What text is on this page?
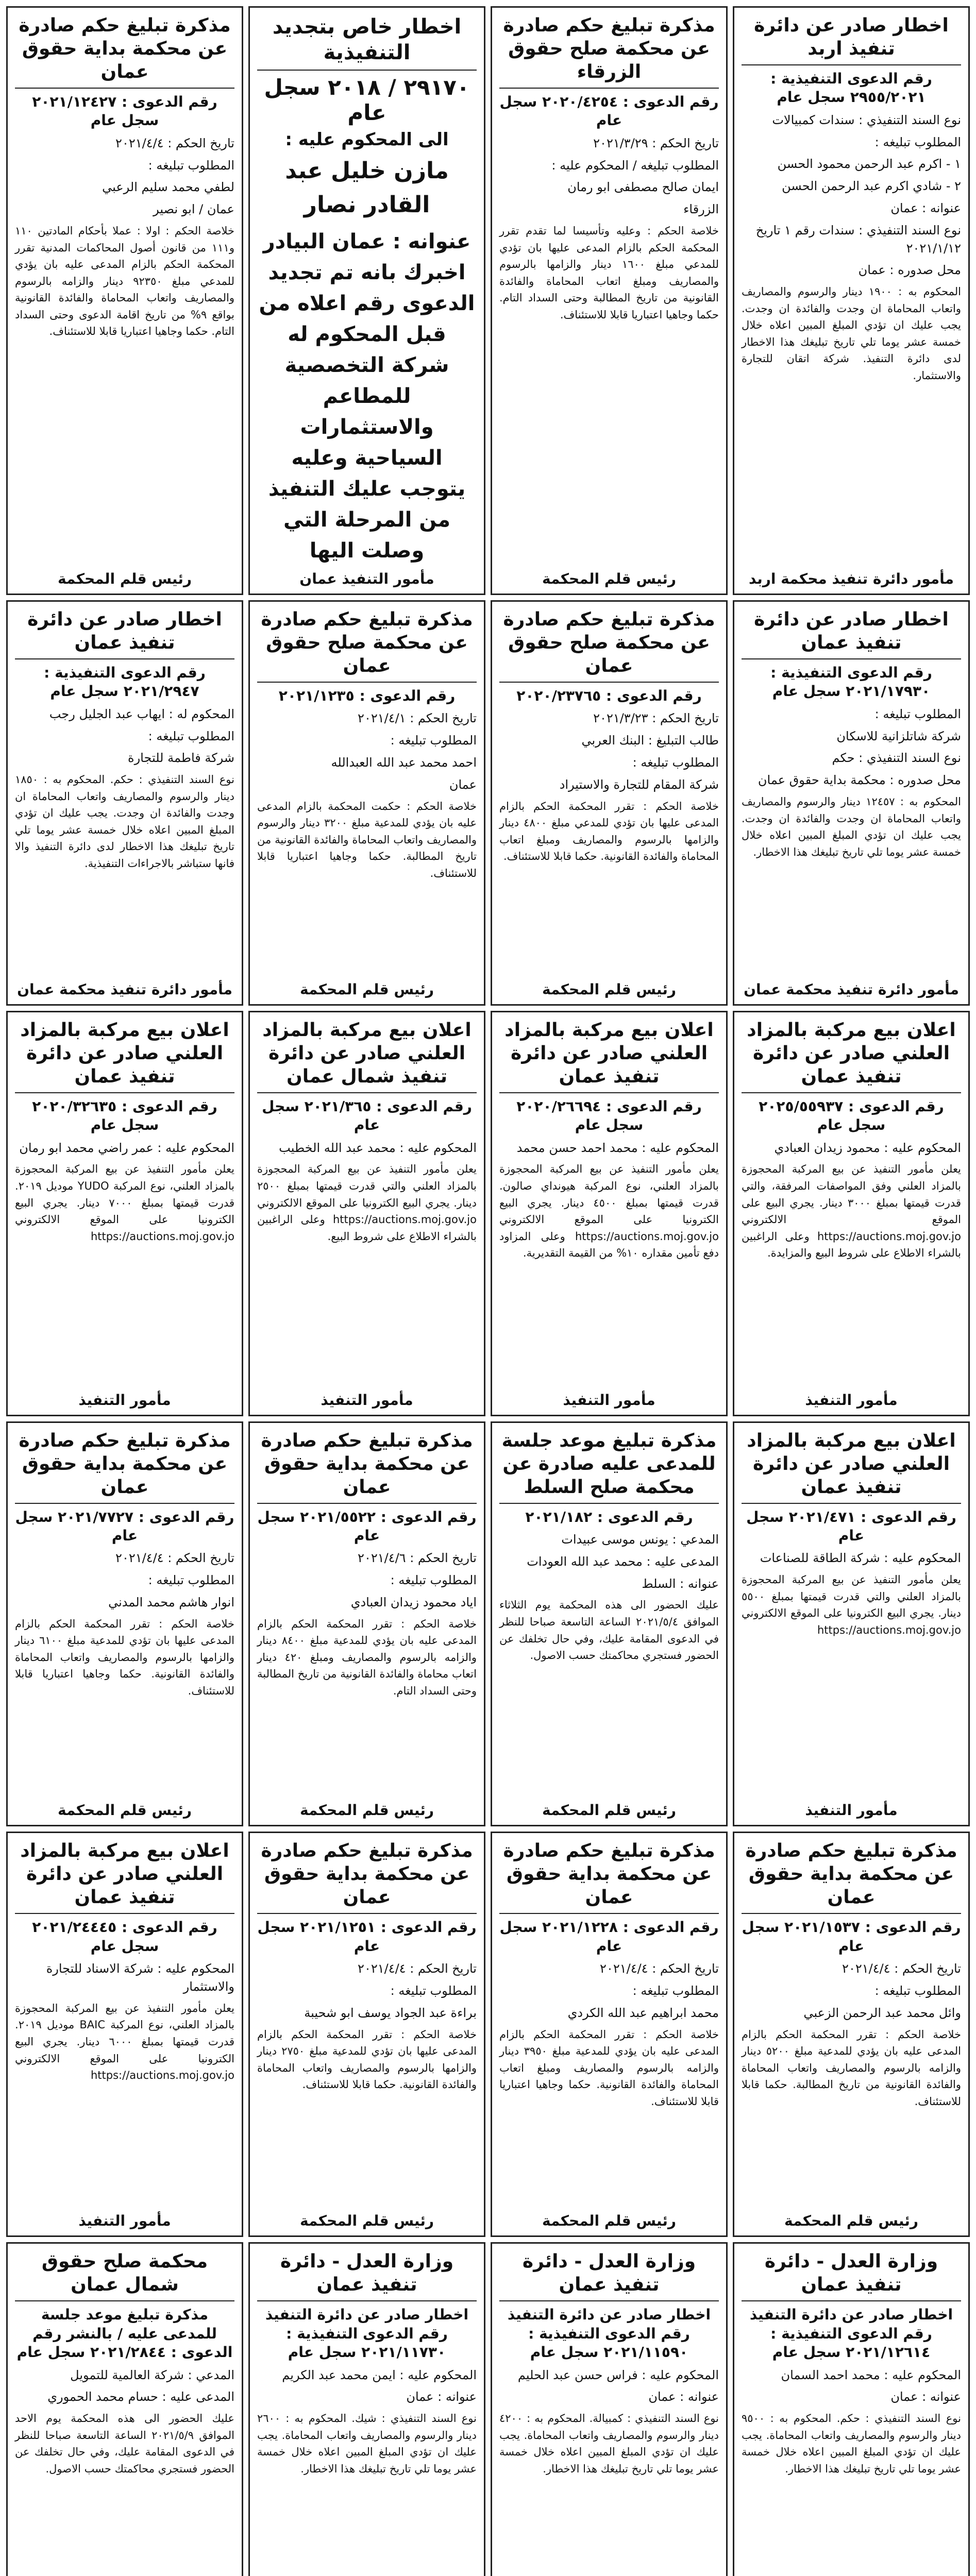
اخطار صادر عن دائرة تنفيذ اربد
رقم الدعوى التنفيذية : ٢٩٥٥/٢٠٢١ سجل عام
نوع السند التنفيذي : سندات كمبيالات
المطلوب تبليغه :
١ - اكرم عبد الرحمن محمود الحسن
٢ - شادي اكرم عبد الرحمن الحسن
عنوانه : عمان
نوع السند التنفيذي : سندات رقم ١ تاريخ ٢٠٢١/١/١٢
محل صدوره : عمان
المحكوم به : ١٩٠٠ دينار والرسوم والمصاريف واتعاب المحاماة ان وجدت والفائدة ان وجدت. يجب عليك ان تؤدي المبلغ المبين اعلاه خلال خمسة عشر يوما تلي تاريخ تبليغك هذا الاخطار لدى دائرة التنفيذ. شركة اتقان للتجارة والاستثمار.
مأمور دائرة تنفيذ محكمة اربد
مذكرة تبليغ حكم صادرة عن محكمة صلح حقوق الزرقاء
رقم الدعوى : ٢٠٢٠/٤٢٥٤ سجل عام
تاريخ الحكم : ٢٠٢١/٣/٢٩
المطلوب تبليغه / المحكوم عليه :
ايمان صالح مصطفى ابو رمان
الزرقاء
خلاصة الحكم : وعليه وتأسيسا لما تقدم تقرر المحكمة الحكم بالزام المدعى عليها بان تؤدي للمدعي مبلغ ١٦٠٠ دينار والزامها بالرسوم والمصاريف ومبلغ اتعاب المحاماة والفائدة القانونية من تاريخ المطالبة وحتى السداد التام. حكما وجاهيا اعتباريا قابلا للاستئناف.
رئيس قلم المحكمة
اخطار خاص بتجديد التنفيذية
٢٩١٧٠ / ٢٠١٨ سجل عام
الى المحكوم عليه :
مازن خليل عبد القادر نصار
عنوانه : عمان البيادر اخبرك بانه تم تجديد الدعوى رقم اعلاه من قبل المحكوم له شركة التخصصية للمطاعم والاستثمارات السياحية وعليه يتوجب عليك التنفيذ من المرحلة التي وصلت اليها
مأمور التنفيذ عمان
مذكرة تبليغ حكم صادرة عن محكمة بداية حقوق عمان
رقم الدعوى : ٢٠٢١/١٢٤٢٧ سجل عام
تاريخ الحكم : ٢٠٢١/٤/٤
المطلوب تبليغه :
لطفي محمد سليم الرعبي
عمان / ابو نصير
خلاصة الحكم : اولا : عملا بأحكام المادتين ١١٠ و١١١ من قانون أصول المحاكمات المدنية تقرر المحكمة الحكم بالزام المدعى عليه بان يؤدي للمدعي مبلغ ٩٢٣٥٠ دينار والزامه بالرسوم والمصاريف واتعاب المحاماة والفائدة القانونية بواقع ٩% من تاريخ اقامة الدعوى وحتى السداد التام. حكما وجاهيا اعتباريا قابلا للاستئناف.
رئيس قلم المحكمة
اخطار صادر عن دائرة تنفيذ عمان
رقم الدعوى التنفيذية : ٢٠٢١/١٧٩٣٠ سجل عام
المطلوب تبليغه :
شركة شاتلزانية للاسكان
نوع السند التنفيذي : حكم
محل صدوره : محكمة بداية حقوق عمان
المحكوم به : ١٢٤٥٧ دينار والرسوم والمصاريف واتعاب المحاماة ان وجدت والفائدة ان وجدت. يجب عليك ان تؤدي المبلغ المبين اعلاه خلال خمسة عشر يوما تلي تاريخ تبليغك هذا الاخطار.
مأمور دائرة تنفيذ محكمة عمان
مذكرة تبليغ حكم صادرة عن محكمة صلح حقوق عمان
رقم الدعوى : ٢٠٢٠/٢٣٧٦٥
تاريخ الحكم : ٢٠٢١/٣/٢٣
طالب التبليغ : البنك العربي
المطلوب تبليغه :
شركة المقام للتجارة والاستيراد
خلاصة الحكم : تقرر المحكمة الحكم بالزام المدعى عليها بان تؤدي للمدعي مبلغ ٤٨٠٠ دينار والزامها بالرسوم والمصاريف ومبلغ اتعاب المحاماة والفائدة القانونية. حكما قابلا للاستئناف.
رئيس قلم المحكمة
مذكرة تبليغ حكم صادرة عن محكمة صلح حقوق عمان
رقم الدعوى : ٢٠٢١/١٢٣٥
تاريخ الحكم : ٢٠٢١/٤/١
المطلوب تبليغه :
احمد محمد عبد الله العبدالله
عمان
خلاصة الحكم : حكمت المحكمة بالزام المدعى عليه بان يؤدي للمدعية مبلغ ٣٢٠٠ دينار والرسوم والمصاريف واتعاب المحاماة والفائدة القانونية من تاريخ المطالبة. حكما وجاهيا اعتباريا قابلا للاستئناف.
رئيس قلم المحكمة
اخطار صادر عن دائرة تنفيذ عمان
رقم الدعوى التنفيذية : ٢٠٢١/٢٩٤٧ سجل عام
المحكوم له : ايهاب عبد الجليل رجب
المطلوب تبليغه :
شركة فاطمة للتجارة
نوع السند التنفيذي : حكم. المحكوم به : ١٨٥٠ دينار والرسوم والمصاريف واتعاب المحاماة ان وجدت والفائدة ان وجدت. يجب عليك ان تؤدي المبلغ المبين اعلاه خلال خمسة عشر يوما تلي تاريخ تبليغك هذا الاخطار لدى دائرة التنفيذ والا فانها ستباشر بالاجراءات التنفيذية.
مأمور دائرة تنفيذ محكمة عمان
اعلان بيع مركبة بالمزاد العلني صادر عن دائرة تنفيذ عمان
رقم الدعوى : ٢٠٢٥/٥٥٩٣٧ سجل عام
المحكوم عليه : محمود زيدان العبادي
يعلن مأمور التنفيذ عن بيع المركبة المحجوزة بالمزاد العلني وفق المواصفات المرفقة، والتي قدرت قيمتها بمبلغ ٣٠٠٠ دينار. يجري البيع على الموقع الالكتروني https://auctions.moj.gov.jo وعلى الراغبين بالشراء الاطلاع على شروط البيع والمزايدة.
مأمور التنفيذ
اعلان بيع مركبة بالمزاد العلني صادر عن دائرة تنفيذ عمان
رقم الدعوى : ٢٠٢٠/٢٦٦٩٤ سجل عام
المحكوم عليه : محمد احمد حسن محمد
يعلن مأمور التنفيذ عن بيع المركبة المحجوزة بالمزاد العلني، نوع المركبة هيونداي صالون. قدرت قيمتها بمبلغ ٤٥٠٠ دينار. يجري البيع الكترونيا على الموقع الالكتروني https://auctions.moj.gov.jo وعلى المزاود دفع تأمين مقداره ١٠% من القيمة التقديرية.
مأمور التنفيذ
اعلان بيع مركبة بالمزاد العلني صادر عن دائرة تنفيذ شمال عمان
رقم الدعوى : ٢٠٢١/٣٦٥ سجل عام
المحكوم عليه : محمد عبد الله الخطيب
يعلن مأمور التنفيذ عن بيع المركبة المحجوزة بالمزاد العلني والتي قدرت قيمتها بمبلغ ٢٥٠٠ دينار. يجري البيع الكترونيا على الموقع الالكتروني https://auctions.moj.gov.jo وعلى الراغبين بالشراء الاطلاع على شروط البيع.
مأمور التنفيذ
اعلان بيع مركبة بالمزاد العلني صادر عن دائرة تنفيذ عمان
رقم الدعوى : ٢٠٢٠/٣٢٦٣٥ سجل عام
المحكوم عليه : عمر راضي محمد ابو رمان
يعلن مأمور التنفيذ عن بيع المركبة المحجوزة بالمزاد العلني، نوع المركبة YUDO موديل ٢٠١٩. قدرت قيمتها بمبلغ ٧٠٠٠ دينار. يجري البيع الكترونيا على الموقع الالكتروني https://auctions.moj.gov.jo
مأمور التنفيذ
اعلان بيع مركبة بالمزاد العلني صادر عن دائرة تنفيذ عمان
رقم الدعوى : ٢٠٢١/٤٧١ سجل عام
المحكوم عليه : شركة الطاقة للصناعات
يعلن مأمور التنفيذ عن بيع المركبة المحجوزة بالمزاد العلني والتي قدرت قيمتها بمبلغ ٥٥٠٠ دينار. يجري البيع الكترونيا على الموقع الالكتروني https://auctions.moj.gov.jo
مأمور التنفيذ
مذكرة تبليغ موعد جلسة للمدعى عليه صادرة عن محكمة صلح السلط
رقم الدعوى : ٢٠٢١/١٨٢
المدعي : يونس موسى عبيدات
المدعى عليه : محمد عبد الله العودات
عنوانه : السلط
عليك الحضور الى هذه المحكمة يوم الثلاثاء الموافق ٢٠٢١/٥/٤ الساعة التاسعة صباحا للنظر في الدعوى المقامة عليك، وفي حال تخلفك عن الحضور فستجري محاكمتك حسب الاصول.
رئيس قلم المحكمة
مذكرة تبليغ حكم صادرة عن محكمة بداية حقوق عمان
رقم الدعوى : ٢٠٢١/٥٥٢٢ سجل عام
تاريخ الحكم : ٢٠٢١/٤/٦
المطلوب تبليغه :
اياد محمود زيدان العبادي
خلاصة الحكم : تقرر المحكمة الحكم بالزام المدعى عليه بان يؤدي للمدعية مبلغ ٨٤٠٠ دينار والزامه بالرسوم والمصاريف ومبلغ ٤٢٠ دينار اتعاب محاماة والفائدة القانونية من تاريخ المطالبة وحتى السداد التام.
رئيس قلم المحكمة
مذكرة تبليغ حكم صادرة عن محكمة بداية حقوق عمان
رقم الدعوى : ٢٠٢١/٧٧٢٧ سجل عام
تاريخ الحكم : ٢٠٢١/٤/٤
المطلوب تبليغه :
انوار هاشم محمد المدني
خلاصة الحكم : تقرر المحكمة الحكم بالزام المدعى عليها بان تؤدي للمدعية مبلغ ٦١٠٠ دينار والزامها بالرسوم والمصاريف واتعاب المحاماة والفائدة القانونية. حكما وجاهيا اعتباريا قابلا للاستئناف.
رئيس قلم المحكمة
مذكرة تبليغ حكم صادرة عن محكمة بداية حقوق عمان
رقم الدعوى : ٢٠٢١/١٥٣٧ سجل عام
تاريخ الحكم : ٢٠٢١/٤/٤
المطلوب تبليغه :
وائل محمد عبد الرحمن الزعبي
خلاصة الحكم : تقرر المحكمة الحكم بالزام المدعى عليه بان يؤدي للمدعية مبلغ ٥٢٠٠ دينار والزامه بالرسوم والمصاريف واتعاب المحاماة والفائدة القانونية من تاريخ المطالبة. حكما قابلا للاستئناف.
رئيس قلم المحكمة
مذكرة تبليغ حكم صادرة عن محكمة بداية حقوق عمان
رقم الدعوى : ٢٠٢١/١٢٢٨ سجل عام
تاريخ الحكم : ٢٠٢١/٤/٤
المطلوب تبليغه :
محمد ابراهيم عبد الله الكردي
خلاصة الحكم : تقرر المحكمة الحكم بالزام المدعى عليه بان يؤدي للمدعية مبلغ ٣٩٥٠ دينار والزامه بالرسوم والمصاريف ومبلغ اتعاب المحاماة والفائدة القانونية. حكما وجاهيا اعتباريا قابلا للاستئناف.
رئيس قلم المحكمة
مذكرة تبليغ حكم صادرة عن محكمة بداية حقوق عمان
رقم الدعوى : ٢٠٢١/١٢٥١ سجل عام
تاريخ الحكم : ٢٠٢١/٤/٤
المطلوب تبليغه :
براءة عبد الجواد يوسف ابو شحيبة
خلاصة الحكم : تقرر المحكمة الحكم بالزام المدعى عليها بان تؤدي للمدعية مبلغ ٢٧٥٠ دينار والزامها بالرسوم والمصاريف واتعاب المحاماة والفائدة القانونية. حكما قابلا للاستئناف.
رئيس قلم المحكمة
اعلان بيع مركبة بالمزاد العلني صادر عن دائرة تنفيذ عمان
رقم الدعوى : ٢٠٢١/٢٤٤٤٥ سجل عام
المحكوم عليه : شركة الاسناد للتجارة والاستثمار
يعلن مأمور التنفيذ عن بيع المركبة المحجوزة بالمزاد العلني، نوع المركبة BAIC موديل ٢٠١٩. قدرت قيمتها بمبلغ ٦٠٠٠ دينار. يجري البيع الكترونيا على الموقع الالكتروني https://auctions.moj.gov.jo
مأمور التنفيذ
وزارة العدل - دائرة تنفيذ عمان
اخطار صادر عن دائرة التنفيذ رقم الدعوى التنفيذية : ٢٠٢١/١٢٦١٤ سجل عام
المحكوم عليه : محمد احمد السمان
عنوانه : عمان
نوع السند التنفيذي : حكم. المحكوم به : ٩٥٠٠ دينار والرسوم والمصاريف واتعاب المحاماة. يجب عليك ان تؤدي المبلغ المبين اعلاه خلال خمسة عشر يوما تلي تاريخ تبليغك هذا الاخطار.
وزارة العدل - دائرة تنفيذ عمان
اخطار صادر عن دائرة التنفيذ رقم الدعوى التنفيذية : ٢٠٢١/١١٥٩٠ سجل عام
المحكوم عليه : فراس حسن عبد الحليم
عنوانه : عمان
نوع السند التنفيذي : كمبيالة. المحكوم به : ٤٢٠٠ دينار والرسوم والمصاريف واتعاب المحاماة. يجب عليك ان تؤدي المبلغ المبين اعلاه خلال خمسة عشر يوما تلي تاريخ تبليغك هذا الاخطار.
وزارة العدل - دائرة تنفيذ عمان
اخطار صادر عن دائرة التنفيذ رقم الدعوى التنفيذية : ٢٠٢١/١١٧٣٠ سجل عام
المحكوم عليه : ايمن محمد عبد الكريم
عنوانه : عمان
نوع السند التنفيذي : شيك. المحكوم به : ٢٦٠٠ دينار والرسوم والمصاريف واتعاب المحاماة. يجب عليك ان تؤدي المبلغ المبين اعلاه خلال خمسة عشر يوما تلي تاريخ تبليغك هذا الاخطار.
محكمة صلح حقوق شمال عمان
مذكرة تبليغ موعد جلسة للمدعى عليه / بالنشر رقم الدعوى : ٢٠٢١/٢٨٤٤ سجل عام
المدعي : شركة العالمية للتمويل
المدعى عليه : حسام محمد الحموري
عليك الحضور الى هذه المحكمة يوم الاحد الموافق ٢٠٢١/٥/٩ الساعة التاسعة صباحا للنظر في الدعوى المقامة عليك، وفي حال تخلفك عن الحضور فستجري محاكمتك حسب الاصول.
